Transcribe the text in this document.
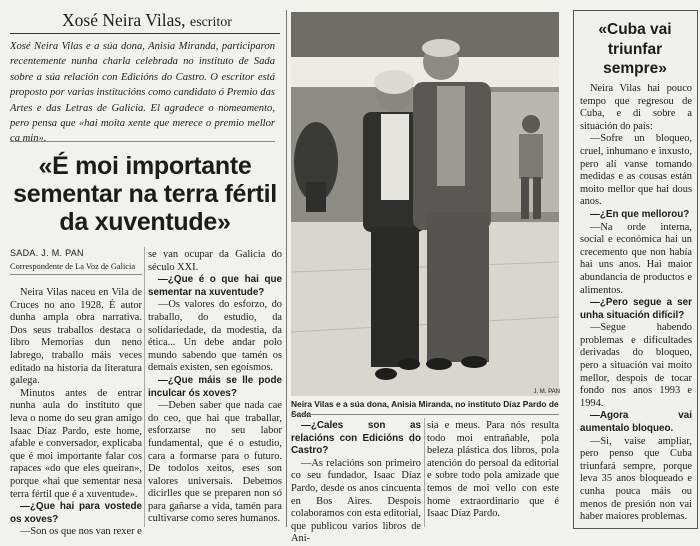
Xosé Neira Vilas, escritor

Xosé Neira Vilas e a súa dona, Anisia Miranda, participaron recentemente nunha charla celebrada no instituto de Sada sobre a súa relación con Edicións do Castro. O escritor está proposto por varias institucións como candidato ó Premio das Artes e das Letras de Galicia. El agradece o nomeamento, pero pensa que «hai moita xente que merece o premio mellor ca min».

«É moi importante sementar na terra fértil da xuventude»
SADA. J. M. PAN
Correspondente de La Voz de Galicia

Neira Vilas naceu en Vila de Cruces no ano 1928. É autor dunha ampla obra narrativa. Dos seus traballos destaca o libro Memorias dun neno labrego, traballo máis veces editado na historia da literatura galega.

Minutos antes de entrar nunha aula do instituto que leva o nome do seu gran amigo Isaac Díaz Pardo, este home, afable e conversador, explicaba que é moi importante falar cos rapaces «do que eles queiran», porque «hai que sementar nesa terra fértil que é a xuventude».

—¿Que hai para vostede os xoves?

—Son os que nos van rexer e

se van ocupar da Galicia do século XXI.

—¿Que é o que hai que sementar na xuventude?

—Os valores do esforzo, do traballo, do estudio, da solidariedade, da modestia, da ética... Un debe andar polo mundo sabendo que tamén os demais existen, sen egoísmos.

—¿Que máis se lle pode inculcar ós xoves?

—Deben saber que nada cae do ceo, que hai que traballar, esforzarse no seu labor fundamental, que é o estudio, cara a formarse para o futuro. De todolos xeitos, eses son valores universais. Debemos dicirlles que se preparen non só para gañarse a vida, tamén para cultivarse como seres humanos.

J. M. PAN
Neira Vilas e a súa dona, Anisia Miranda, no instituto Díaz Pardo de Sada

—¿Cales son as relacións con Edicións do Castro?

—As relacións son primeiro co seu fundador, Isaac Díaz Pardo, desde os anos cincuenta en Bos Aires. Despois colaboramos con esta editorial, que publicou varios libros de Ani-

sia e meus. Para nós resulta todo moi entrañable, pola beleza plástica dos libros, pola atención do persoal da editorial e sobre todo pola amizade que temos de moi vello con este home extraordinario que é Isaac Díaz Pardo.

«Cuba vai triunfar sempre»

Neira Vilas hai pouco tempo que regresou de Cuba, e di sobre a situación do país:

—Sofre un bloqueo, cruel, inhumano e inxusto, pero alí vanse tomando medidas e as cousas están moito mellor que hai dous anos.

—¿En que mellorou?

—Na orde interna, social e económica hai un crecemento que non había hai uns anos. Hai maior abundancia de productos e alimentos.

—¿Pero segue a ser unha situación difícil?

—Segue habendo problemas e dificultades derivadas do bloqueo, pero a situación vai moito mellor, despois de tocar fondo nos anos 1993 e 1994.

—Agora vai aumentalo bloqueo.

—Si, vaise ampliar, pero penso que Cuba triunfará sempre, porque leva 35 anos bloqueado e cunha pouca máis ou menos de presión non vai haber maiores problemas.
